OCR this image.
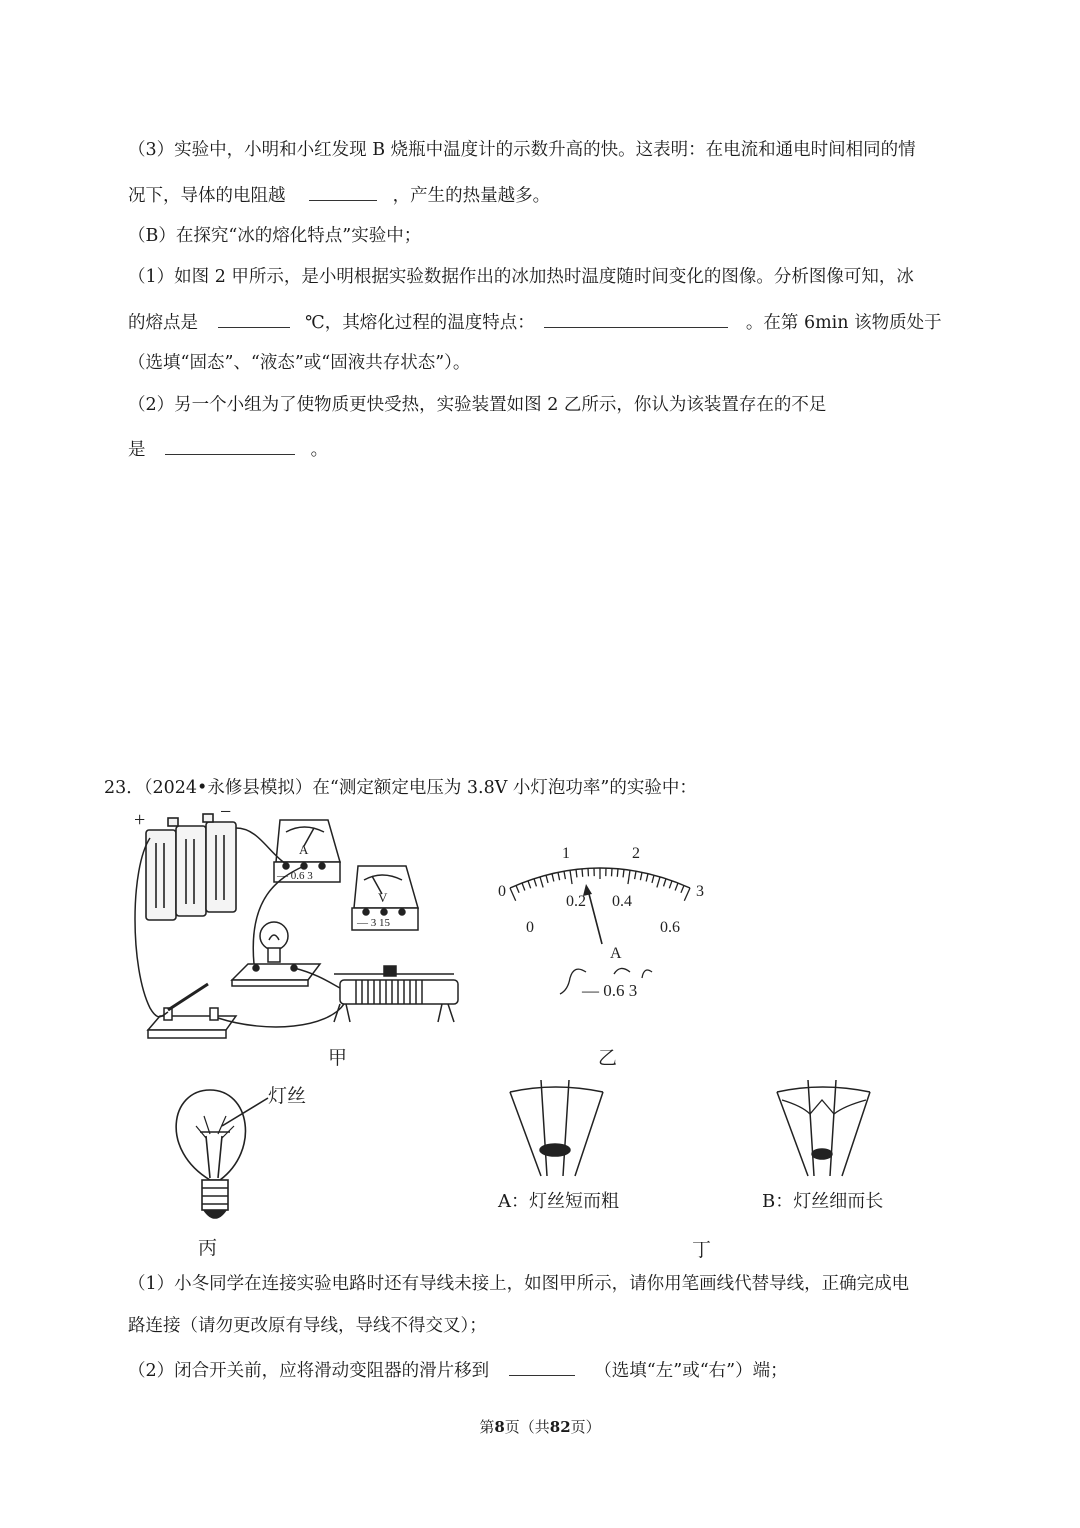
（3）实验中，小明和小红发现 B 烧瓶中温度计的示数升高的快。这表明：在电流和通电时间相同的情
况下，导体的电阻越	，产生的热量越多。
（B）在探究“冰的熔化特点”实验中；
（1）如图 2 甲所示，是小明根据实验数据作出的冰加热时温度随时间变化的图像。分析图像可知，冰
的熔点是	℃，其熔化过程的温度特点：	。在第 6min 该物质处于
（选填“固态”、“液态”或“固液共存状态”）。
（2）另一个小组为了使物质更快受热，实验装置如图 2 乙所示，你认为该装置存在的不足
是	。
23．（2024•永修县模拟）在“测定额定电压为 3.8V 小灯泡功率”的实验中：
+	−
A
— 0.6 3
V
— 3 15
甲
0
1	2
3
0
0.2 0.4
0.6
A
— 0.6 3
乙
灯丝
丙
A：灯丝短而粗	B：灯丝细而长
丁
（1）小冬同学在连接实验电路时还有导线未接上，如图甲所示，请你用笔画线代替导线，正确完成电
路连接（请勿更改原有导线，导线不得交叉）；
（2）闭合开关前，应将滑动变阻器的滑片移到	（选填“左”或“右”）端；
第8页（共82页）
